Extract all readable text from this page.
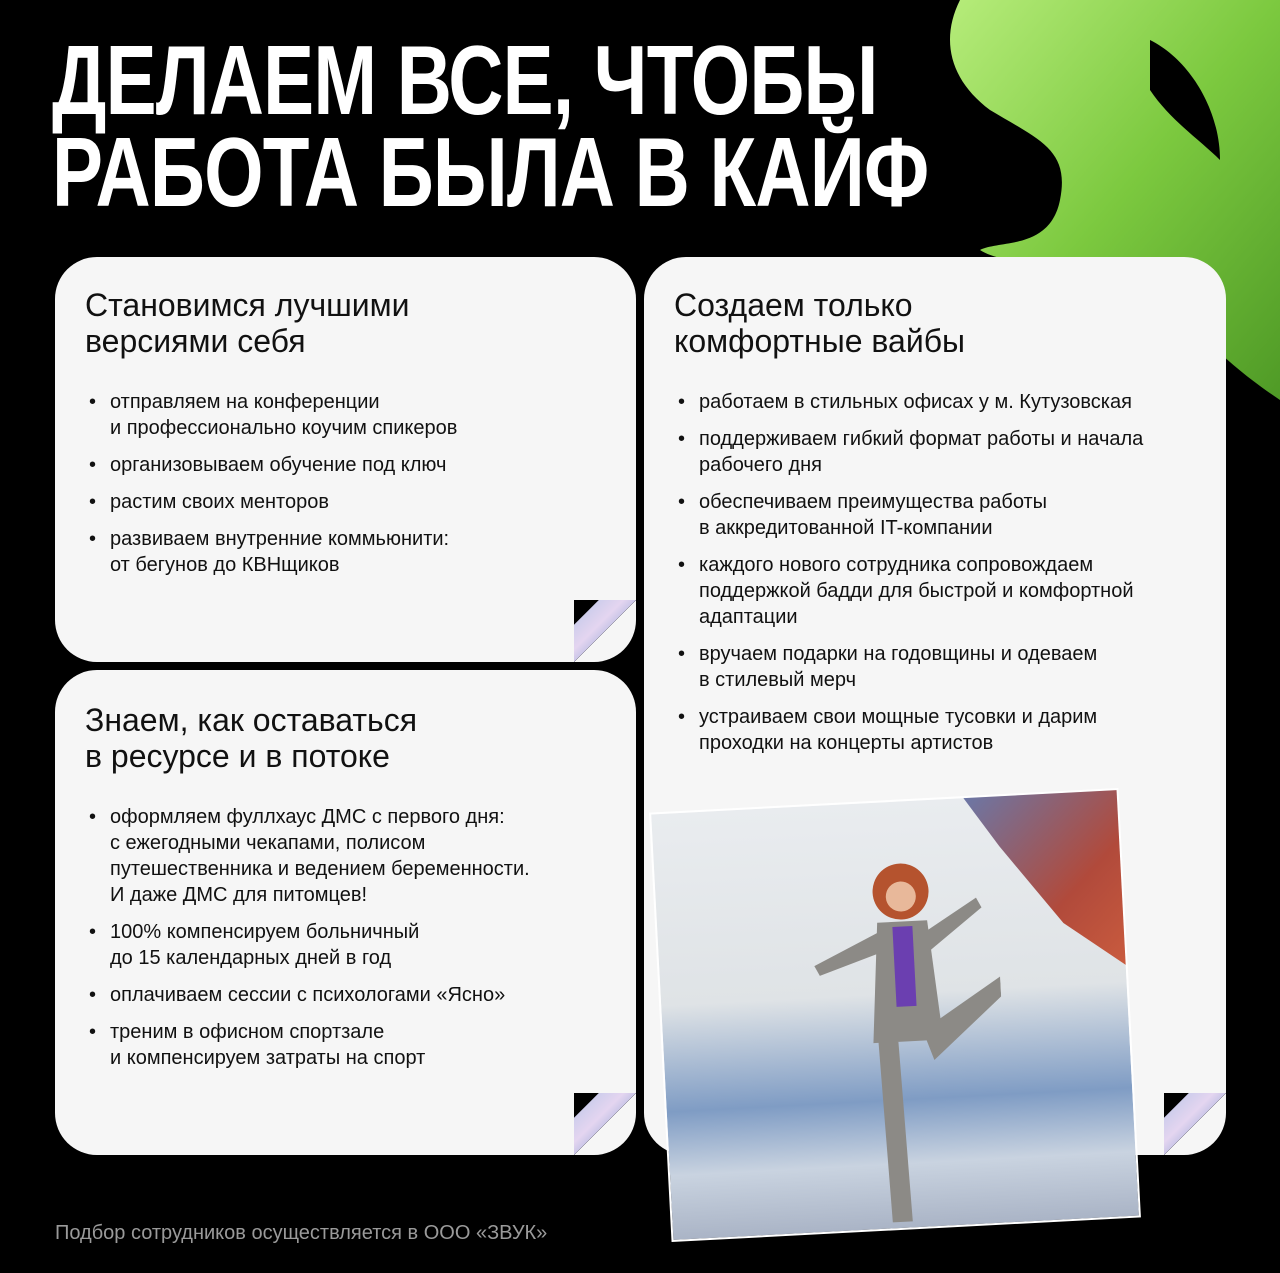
ДЕЛАЕМ ВСЕ, ЧТОБЫ
РАБОТА БЫЛА В КАЙФ
Становимся лучшими
версиями себя
• отправляем на конференции
и профессионально коучим спикеров
• организовываем обучение под ключ
• растим своих менторов
• развиваем внутренние коммьюнити:
от бегунов до КВНщиков
Знаем, как оставаться
в ресурсе и в потоке
• оформляем фуллхаус ДМС с первого дня:
с ежегодными чекапами, полисом
путешественника и ведением беременности.
И даже ДМС для питомцев!
• 100% компенсируем больничный
до 15 календарных дней в год
• оплачиваем сессии с психологами «Ясно»
• треним в офисном спортзале
и компенсируем затраты на спорт
Создаем только
комфортные вайбы
• работаем в стильных офисах у м. Кутузовская
• поддерживаем гибкий формат работы и начала
рабочего дня
• обеспечиваем преимущества работы
в аккредитованной IT-компании
• каждого нового сотрудника сопровождаем
поддержкой бадди для быстрой и комфортной
адаптации
• вручаем подарки на годовщины и одеваем
в стилевый мерч
• устраиваем свои мощные тусовки и дарим
проходки на концерты артистов
Подбор сотрудников осуществляется в ООО «ЗВУК»
